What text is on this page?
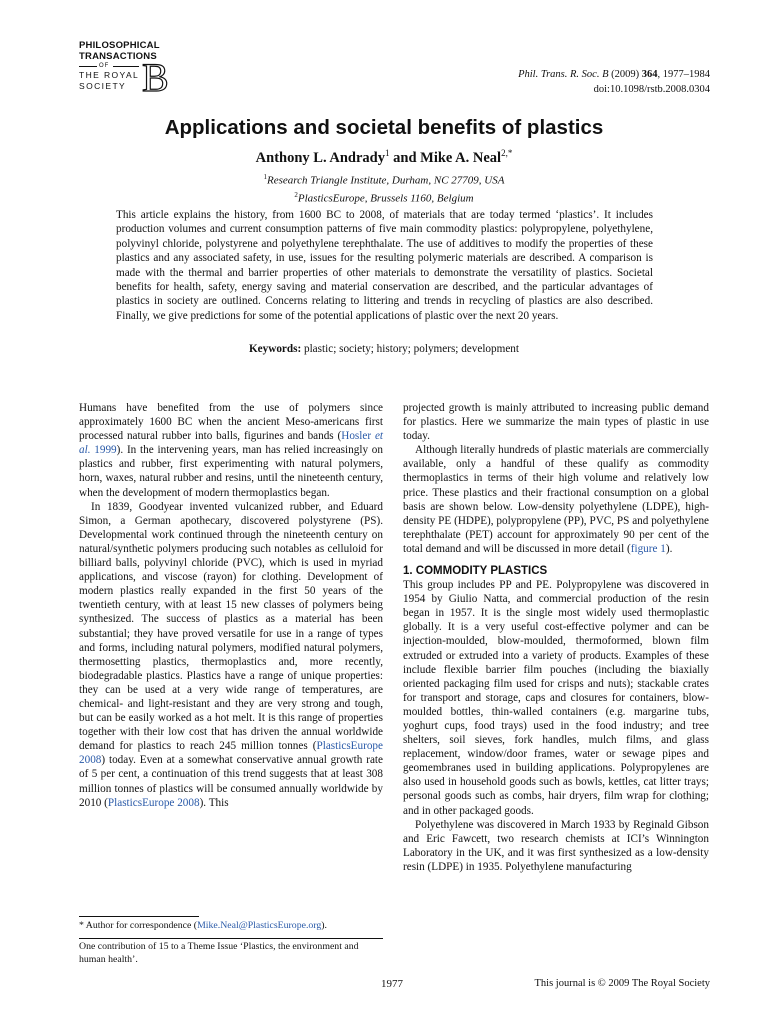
PHILOSOPHICAL
TRANSACTIONS
OF
THE ROYAL
SOCIETY B	Phil. Trans. R. Soc. B (2009) 364, 1977–1984
doi:10.1098/rstb.2008.0304
Applications and societal benefits of plastics
Anthony L. Andrady$^1$ and Mike A. Neal$^{2,*}$
$^1$Research Triangle Institute, Durham, NC 27709, USA
$^2$PlasticsEurope, Brussels 1160, Belgium
This article explains the history, from 1600 BC to 2008, of materials that are today termed ‘plastics’. It includes production volumes and current consumption patterns of five main commodity plastics: polypropylene, polyethylene, polyvinyl chloride, polystyrene and polyethylene terephthalate. The use of additives to modify the properties of these plastics and any associated safety, in use, issues for the resulting polymeric materials are described. A comparison is made with the thermal and barrier properties of other materials to demonstrate the versatility of plastics. Societal benefits for health, safety, energy saving and material conservation are described, and the particular advantages of plastics in society are outlined. Concerns relating to littering and trends in recycling of plastics are also described. Finally, we give predictions for some of the potential applications of plastic over the next 20 years.
Keywords: plastic; society; history; polymers; development

Humans have benefited from the use of polymers since approximately 1600 BC when the ancient Meso-americans first processed natural rubber into balls, figurines and bands (Hosler et al. 1999). In the intervening years, man has relied increasingly on plastics and rubber, first experimenting with natural polymers, horn, waxes, natural rubber and resins, until the nineteenth century, when the development of modern thermoplastics began.

In 1839, Goodyear invented vulcanized rubber, and Eduard Simon, a German apothecary, discovered polystyrene (PS). Developmental work continued through the nineteenth century on natural/synthetic polymers producing such notables as celluloid for billiard balls, polyvinyl chloride (PVC), which is used in myriad applications, and viscose (rayon) for clothing. Development of modern plastics really expanded in the first 50 years of the twentieth century, with at least 15 new classes of polymers being synthesized. The success of plastics as a material has been substantial; they have proved versatile for use in a range of types and forms, including natural polymers, modified natural polymers, thermosetting plastics, thermoplastics and, more recently, biodegradable plastics. Plastics have a range of unique properties: they can be used at a very wide range of temperatures, are chemical- and light-resistant and they are very strong and tough, but can be easily worked as a hot melt. It is this range of properties together with their low cost that has driven the annual worldwide demand for plastics to reach 245 million tonnes (PlasticsEurope 2008) today. Even at a somewhat conservative annual growth rate of 5 per cent, a continuation of this trend suggests that at least 308 million tonnes of plastics will be consumed annually worldwide by 2010 (PlasticsEurope 2008). This

projected growth is mainly attributed to increasing public demand for plastics. Here we summarize the main types of plastic in use today.

Although literally hundreds of plastic materials are commercially available, only a handful of these qualify as commodity thermoplastics in terms of their high volume and relatively low price. These plastics and their fractional consumption on a global basis are shown below. Low-density polyethylene (LDPE), high-density PE (HDPE), polypropylene (PP), PVC, PS and polyethylene terephthalate (PET) account for approximately 90 per cent of the total demand and will be discussed in more detail (figure 1).

1. COMMODITY PLASTICS

This group includes PP and PE. Polypropylene was discovered in 1954 by Giulio Natta, and commercial production of the resin began in 1957. It is the single most widely used thermoplastic globally. It is a very useful cost-effective polymer and can be injection-moulded, blow-moulded, thermoformed, blown film extruded or extruded into a variety of products. Examples of these include flexible barrier film pouches (including the biaxially oriented packaging film used for crisps and nuts); stackable crates for transport and storage, caps and closures for containers, blow-moulded bottles, thin-walled containers (e.g. margarine tubs, yoghurt cups, food trays) used in the food industry; and tree shelters, soil sieves, fork handles, mulch films, and glass replacement, window/door frames, water or sewage pipes and geomembranes used in building applications. Polypropylenes are also used in household goods such as bowls, kettles, cat litter trays; personal goods such as combs, hair dryers, film wrap for clothing; and in other packaged goods.

Polyethylene was discovered in March 1933 by Reginald Gibson and Eric Fawcett, two research chemists at ICI’s Winnington Laboratory in the UK, and it was first synthesized as a low-density resin (LDPE) in 1935. Polyethylene manufacturing

* Author for correspondence (Mike.Neal@PlasticsEurope.org).
One contribution of 15 to a Theme Issue ‘Plastics, the environment and human health’.
1977	This journal is © 2009 The Royal Society
